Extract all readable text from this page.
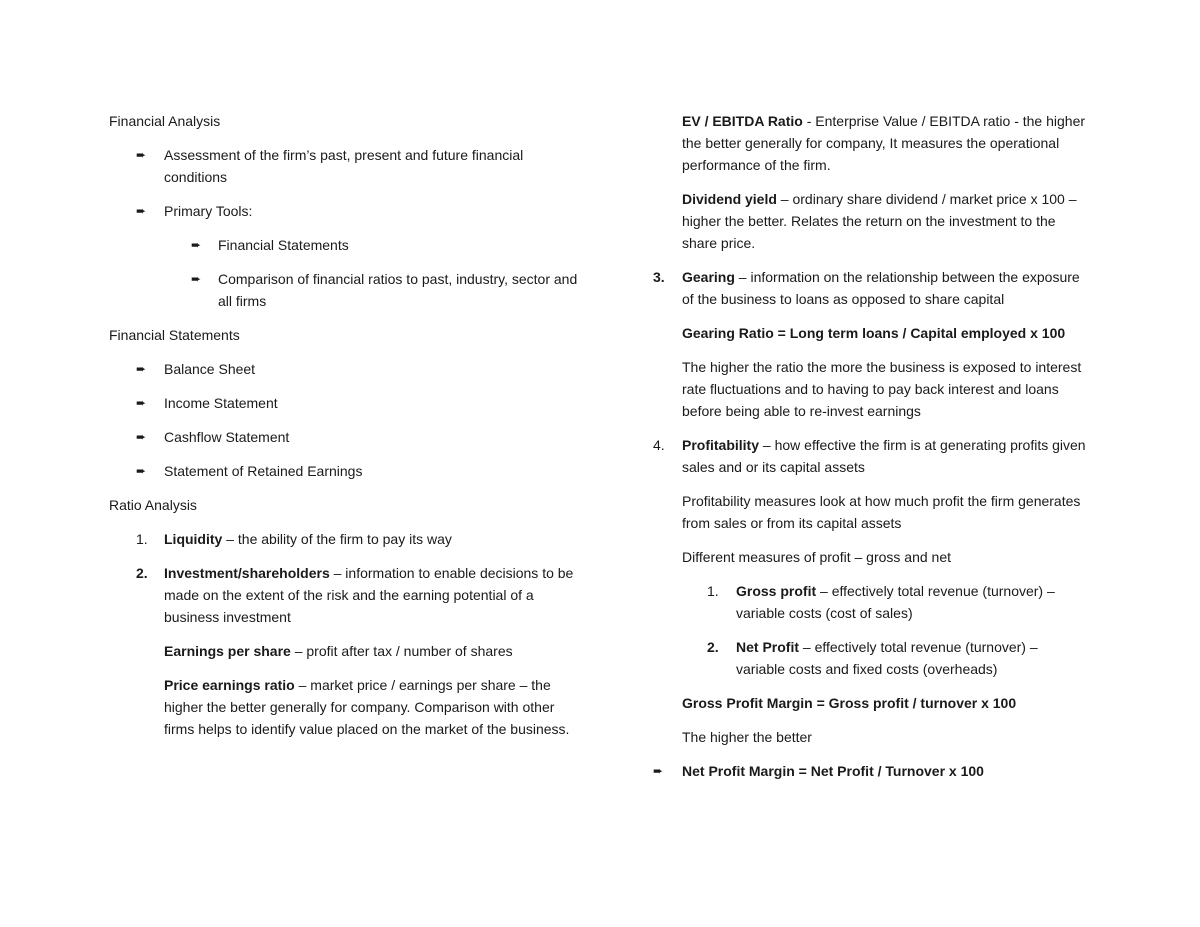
Financial Analysis

➨ Assessment of the firm’s past, present and future financial conditions

➨ Primary Tools:

➨ Financial Statements

➨ Comparison of financial ratios to past, industry, sector and all firms

Financial Statements

➨ Balance Sheet

➨ Income Statement

➨ Cashflow Statement

➨ Statement of Retained Earnings

Ratio Analysis

1. Liquidity – the ability of the firm to pay its way

2. Investment/shareholders – information to enable decisions to be made on the extent of the risk and the earning potential of a business investment

Earnings per share – profit after tax / number of shares

Price earnings ratio – market price / earnings per share – the higher the better generally for company. Comparison with other firms helps to identify value placed on the market of the business.

EV / EBITDA Ratio - Enterprise Value / EBITDA ratio - the higher the better generally for company, It measures the operational performance of the firm.

Dividend yield – ordinary share dividend / market price x 100 – higher the better. Relates the return on the investment to the share price.

3. Gearing – information on the relationship between the exposure of the business to loans as opposed to share capital

Gearing Ratio = Long term loans / Capital employed x 100

The higher the ratio the more the business is exposed to interest rate fluctuations and to having to pay back interest and loans before being able to re-invest earnings

4. Profitability – how effective the firm is at generating profits given sales and or its capital assets

Profitability measures look at how much profit the firm generates from sales or from its capital assets

Different measures of profit – gross and net

1. Gross profit – effectively total revenue (turnover) – variable costs (cost of sales)

2. Net Profit – effectively total revenue (turnover) – variable costs and fixed costs (overheads)

Gross Profit Margin = Gross profit / turnover x 100

The higher the better

➨ Net Profit Margin = Net Profit / Turnover x 100
